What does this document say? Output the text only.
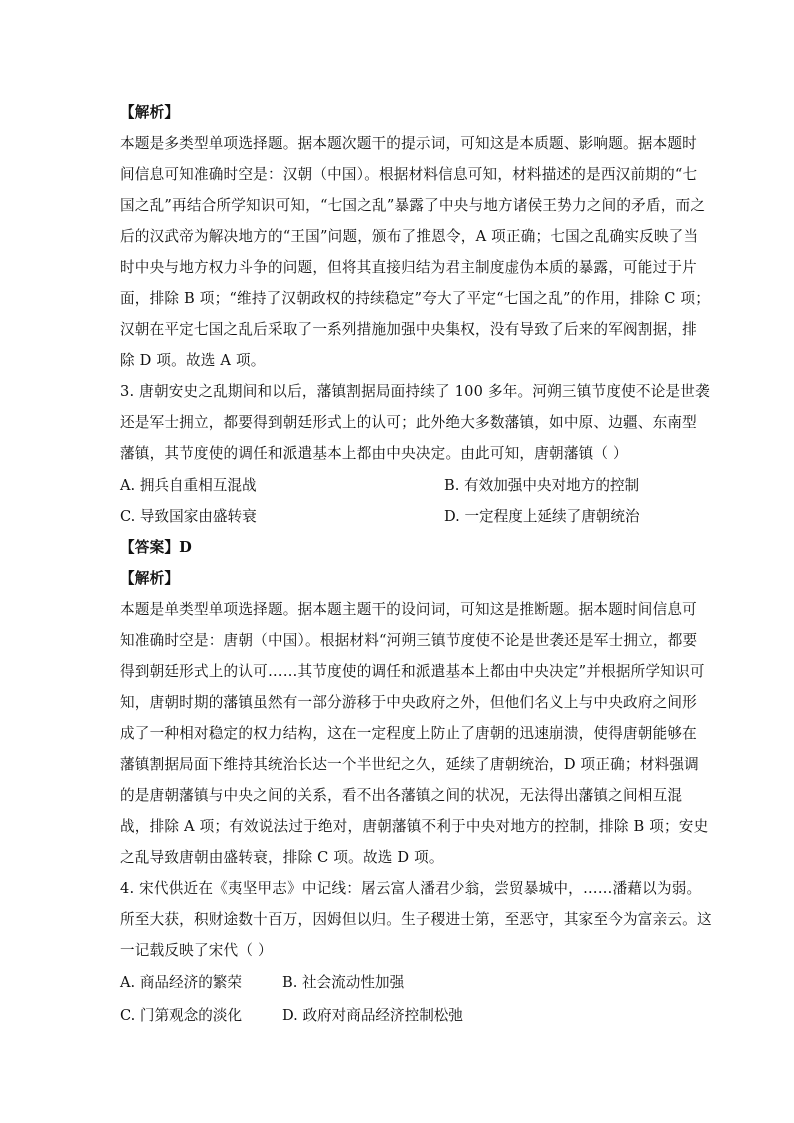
【解析】
本题是多类型单项选择题。据本题次题干的提示词，可知这是本质题、影响题。据本题时
间信息可知准确时空是：汉朝（中国）。根据材料信息可知，材料描述的是西汉前期的“七
国之乱”再结合所学知识可知，“七国之乱”暴露了中央与地方诸侯王势力之间的矛盾，而之
后的汉武帝为解决地方的“王国”问题，颁布了推恩令，A 项正确；七国之乱确实反映了当
时中央与地方权力斗争的问题，但将其直接归结为君主制度虚伪本质的暴露，可能过于片
面，排除 B 项；“维持了汉朝政权的持续稳定”夸大了平定“七国之乱”的作用，排除 C 项；
汉朝在平定七国之乱后采取了一系列措施加强中央集权，没有导致了后来的军阀割据，排
除 D 项。故选 A 项。
3. 唐朝安史之乱期间和以后，藩镇割据局面持续了 100 多年。河朔三镇节度使不论是世袭
还是军士拥立，都要得到朝廷形式上的认可；此外绝大多数藩镇，如中原、边疆、东南型
藩镇，其节度使的调任和派遣基本上都由中央决定。由此可知，唐朝藩镇（ ）
A. 拥兵自重相互混战	B. 有效加强中央对地方的控制
C. 导致国家由盛转衰	D. 一定程度上延续了唐朝统治
【答案】D
【解析】
本题是单类型单项选择题。据本题主题干的设问词，可知这是推断题。据本题时间信息可
知准确时空是：唐朝（中国）。根据材料“河朔三镇节度使不论是世袭还是军士拥立，都要
得到朝廷形式上的认可……其节度使的调任和派遣基本上都由中央决定”并根据所学知识可
知，唐朝时期的藩镇虽然有一部分游移于中央政府之外，但他们名义上与中央政府之间形
成了一种相对稳定的权力结构，这在一定程度上防止了唐朝的迅速崩溃，使得唐朝能够在
藩镇割据局面下维持其统治长达一个半世纪之久，延续了唐朝统治，D 项正确；材料强调
的是唐朝藩镇与中央之间的关系，看不出各藩镇之间的状况，无法得出藩镇之间相互混
战，排除 A 项；有效说法过于绝对，唐朝藩镇不利于中央对地方的控制，排除 B 项；安史
之乱导致唐朝由盛转衰，排除 C 项。故选 D 项。
4. 宋代供近在《夷坚甲志》中记线：屠云富人潘君少翁，尝贸暴城中，……潘藉以为弱。
所至大获，积财途数十百万，因姆但以归。生子稷进士第，至恶守，其家至今为富亲云。这
一记载反映了宋代（ ）
A. 商品经济的繁荣	B. 社会流动性加强
C. 门第观念的淡化	D. 政府对商品经济控制松弛
